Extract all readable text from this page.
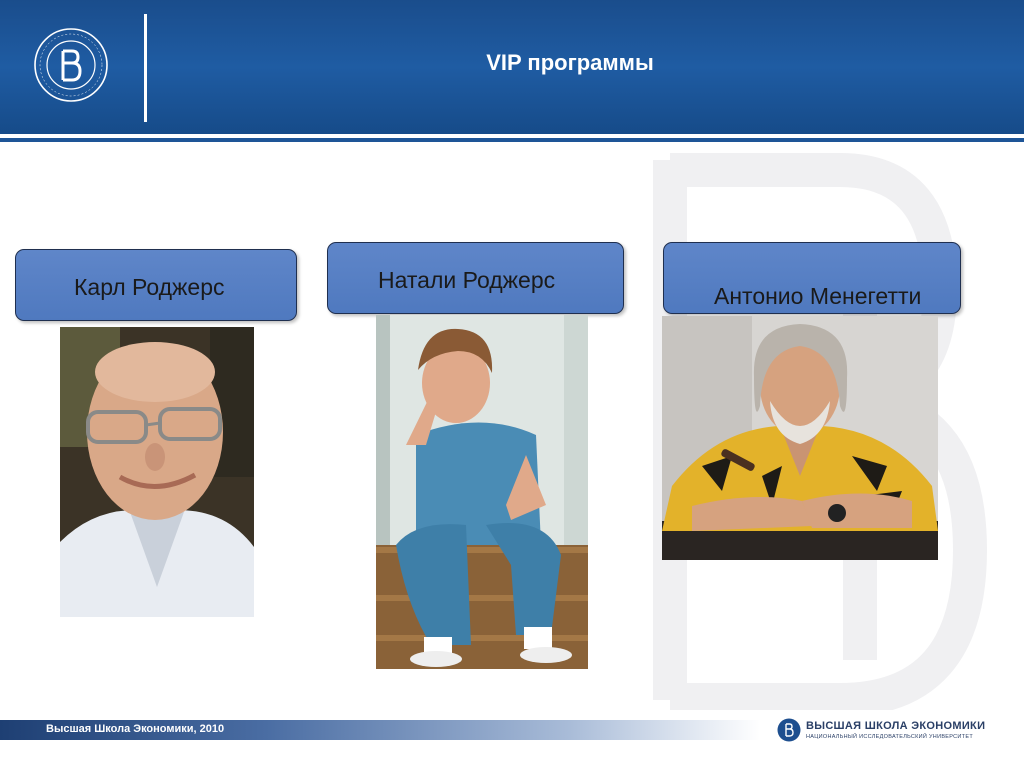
VIP программы
Карл Роджерс	Натали Роджерс
Антонио Менегетти
Высшая Школа Экономики, 2010	ВЫСШАЯ ШКОЛА ЭКОНОМИКИ
НАЦИОНАЛЬНЫЙ ИССЛЕДОВАТЕЛЬСКИЙ УНИВЕРСИТЕТ
